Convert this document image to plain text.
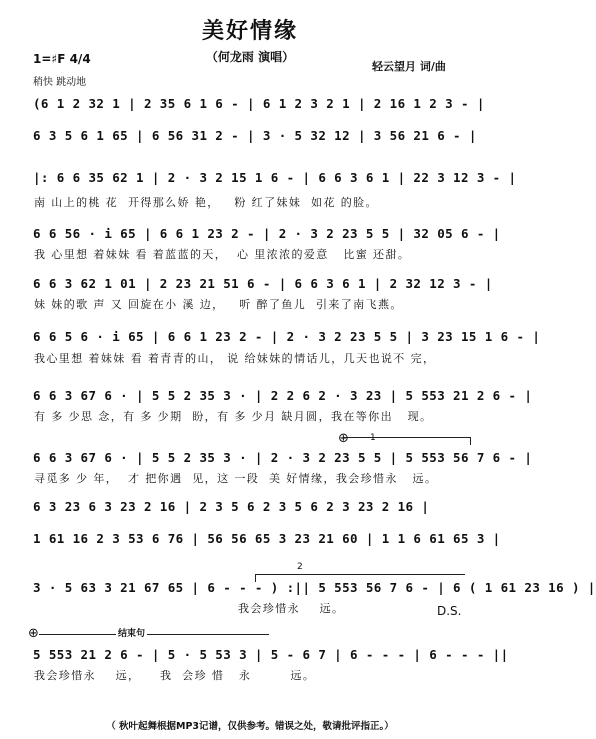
美好情缘
（何龙雨 演唱）
1=♯F 4/4
稍快 跳动地
轻云望月 词/曲
(6 1 2 32 1 | 2 35 6 1 6 - | 6 1 2 3 2 1 | 2 16 1 2 3 - |
6 3 5 6 1 65 | 6 56 31 2 - | 3 · 5 32 12 | 3 56 21 6 - |
|: 6 6 35 62 1 | 2 · 3 2 15 1 6 - | 6 6 3 6 1 | 22 3 12 3 - |
南 山上的桃 花  开得那么娇 艳，   粉 红了妹妹  如花 的脸。
6 6 56 · i 65 | 6 6 1 23 2 - | 2 · 3 2 23 5 5 | 32 05 6 - |
我 心里想 着妹妹 看 着蓝蓝的天，  心 里浓浓的爱意   比蜜 还甜。
6 6 3 62 1 01 | 2 23 21 51 6 - | 6 6 3 6 1 | 2 32 12 3 - |
妹 妹的歌 声 又 回旋在小 溪 边，   听 醉了鱼儿  引来了南飞燕。
6 6 5 6 · i 65 | 6 6 1 23 2 - | 2 · 3 2 23 5 5 | 3 23 15 1 6 - |
我心里想 着妹妹 看 着青青的山， 说 给妹妹的情话儿，几天也说不 完，
6 6 3 67 6 · | 5 5 2 35 3 · | 2 2 6 2 · 3 23 | 5 553 21 2 6 - |
有 多 少思 念，有 多 少期  盼，有 多 少月 缺月圆，我在等你出   现。
⊕ 1
6 6 3 67 6 · | 5 5 2 35 3 · | 2 · 3 2 23 5 5 | 5 553 56 7 6 - |
寻觅多 少 年，  才 把你遇  见，这 一段  美 好情缘，我会珍惜永   远。
6 3 23 6 3 23 2 16 | 2 3 5 6 2 3 5 6 2 3 23 2 16 |
1 61 16 2 3 53 6 76 | 56 56 65 3 23 21 60 | 1 1 6 61 65 3 |
2
3 · 5 63 3 21 67 65 | 6 - - - ) :|| 5 553 56 7 6 - | 6 ( 1 61 23 16 ) |
我会珍惜永    远。	D.S.
结束句
⊕
5 553 21 2 6 - | 5 · 5 53 3 | 5 - 6 7 | 6 - - - | 6 - - - ||
我会珍惜永    远，    我  会珍 惜   永        远。
（ 秋叶起舞根据MP3记谱，仅供参考。错误之处，敬请批评指正。）
